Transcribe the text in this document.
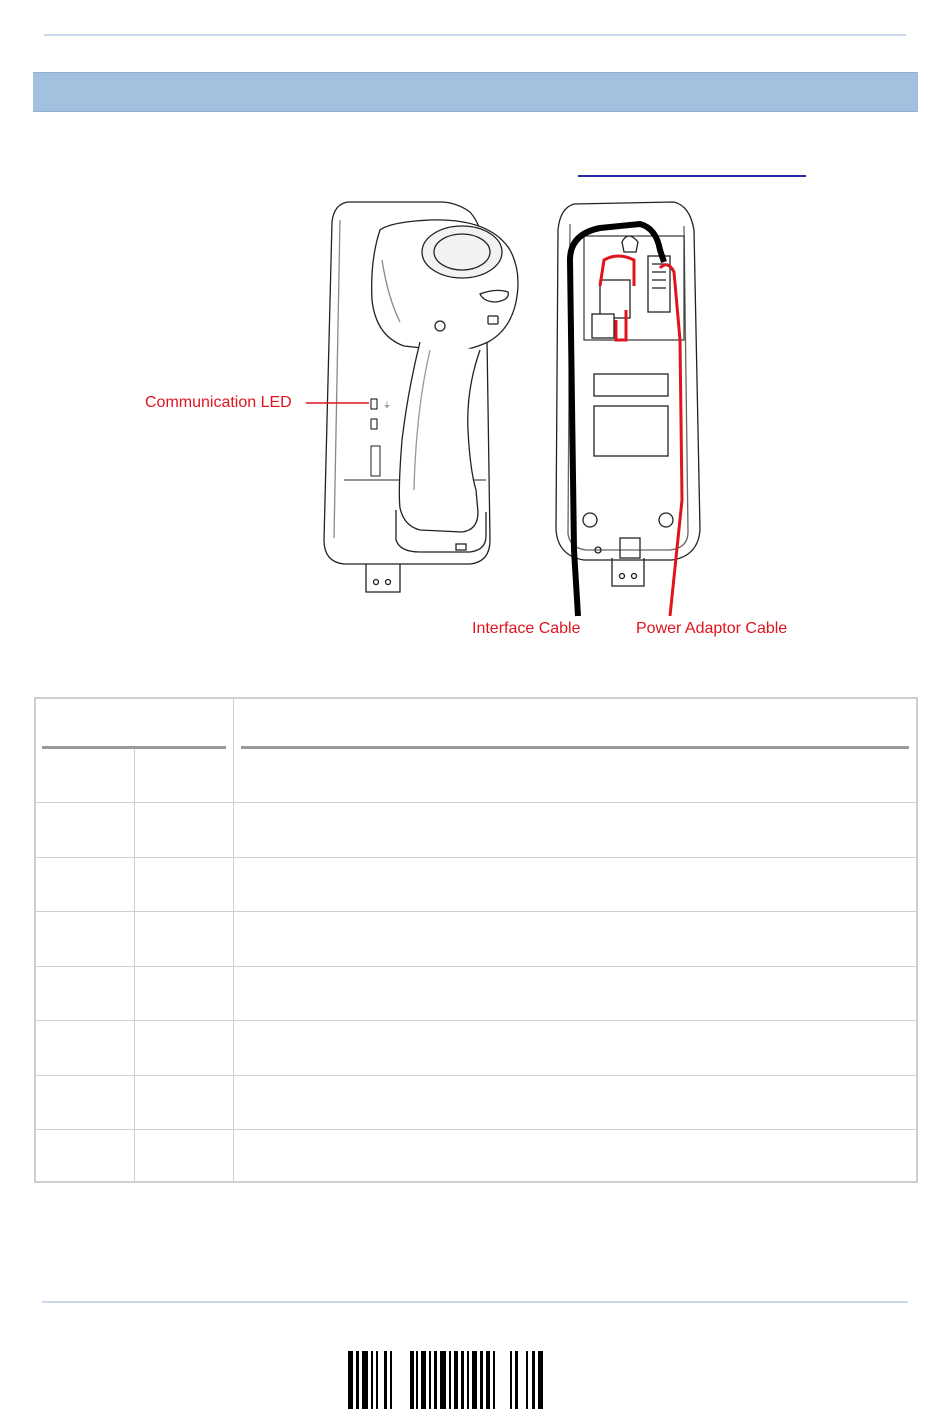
⏚
Communication LED
Interface Cable	Power Adaptor Cable
